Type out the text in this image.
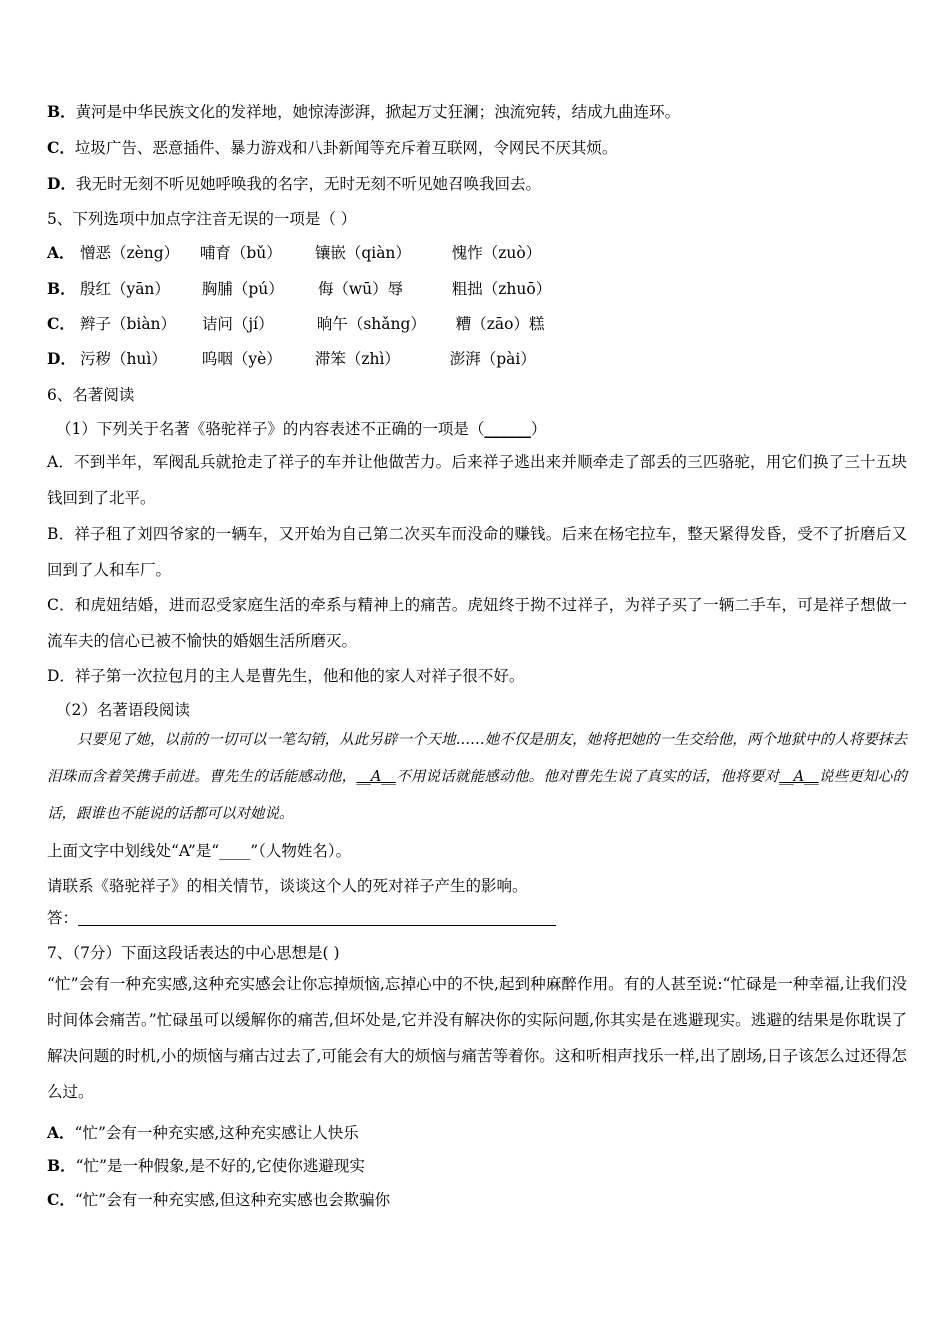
B．黄河是中华民族文化的发祥地，她惊涛澎湃，掀起万丈狂澜；浊流宛转，结成九曲连环。
C．垃圾广告、恶意插件、暴力游戏和八卦新闻等充斥着互联网，令网民不厌其烦。
D．我无时无刻不听见她呼唤我的名字，无时无刻不听见她召唤我回去。
5、下列选项中加点字注音无误的一项是（ ）
A． 憎恶（zèng） 哺育（bǔ） 镶嵌（qiàn）	愧怍（zuò）
B． 殷红（yān） 胸脯（pú） 侮（wū）辱	粗拙（zhuō）
C． 辫子（biàn） 诘问（jí）	晌午（shǎng） 糟（zāo）糕
D． 污秽（huì） 呜咽（yè） 滞笨（zhì）	澎湃（pài）
6、名著阅读
（1）下列关于名著《骆驼祥子》的内容表述不正确的一项是（______）
A．不到半年，军阀乱兵就抢走了祥子的车并让他做苦力。后来祥子逃出来并顺牵走了部丢的三匹骆驼，用它们换了三十五块钱回到了北平。
B．祥子租了刘四爷家的一辆车，又开始为自己第二次买车而没命的赚钱。后来在杨宅拉车，整天紧得发昏，受不了折磨后又回到了人和车厂。
C．和虎妞结婚，进而忍受家庭生活的牵系与精神上的痛苦。虎妞终于拗不过祥子，为祥子买了一辆二手车，可是祥子想做一流车夫的信心已被不愉快的婚姻生活所磨灭。
D．祥子第一次拉包月的主人是曹先生，他和他的家人对祥子很不好。
（2）名著语段阅读
只要见了她，以前的一切可以一笔勾销，从此另辟一个天地……她不仅是朋友，她将把她的一生交给他，两个地狱中的人将要抹去泪珠而含着笑携手前进。曹先生的话能感动他，__A__不用说话就能感动他。他对曹先生说了真实的话，他将要对__A__说些更知心的话，跟谁也不能说的话都可以对她说。
上面文字中划线处“A”是“____”（人物姓名）。
请联系《骆驼祥子》的相关情节，谈谈这个人的死对祥子产生的影响。
答：
7、（7分）下面这段话表达的中心思想是( )
“忙”会有一种充实感,这种充实感会让你忘掉烦恼,忘掉心中的不快,起到种麻醉作用。有的人甚至说:“忙碌是一种幸福,让我们没时间体会痛苦。”忙碌虽可以缓解你的痛苦,但坏处是,它并没有解决你的实际问题,你其实是在逃避现实。逃避的结果是你耽误了解决问题的时机,小的烦恼与痛古过去了,可能会有大的烦恼与痛苦等着你。这和听相声找乐一样,出了剧场,日子该怎么过还得怎么过。
A．“忙”会有一种充实感,这种充实感让人快乐
B．“忙”是一种假象,是不好的,它使你逃避现实
C．“忙”会有一种充实感,但这种充实感也会欺骗你
